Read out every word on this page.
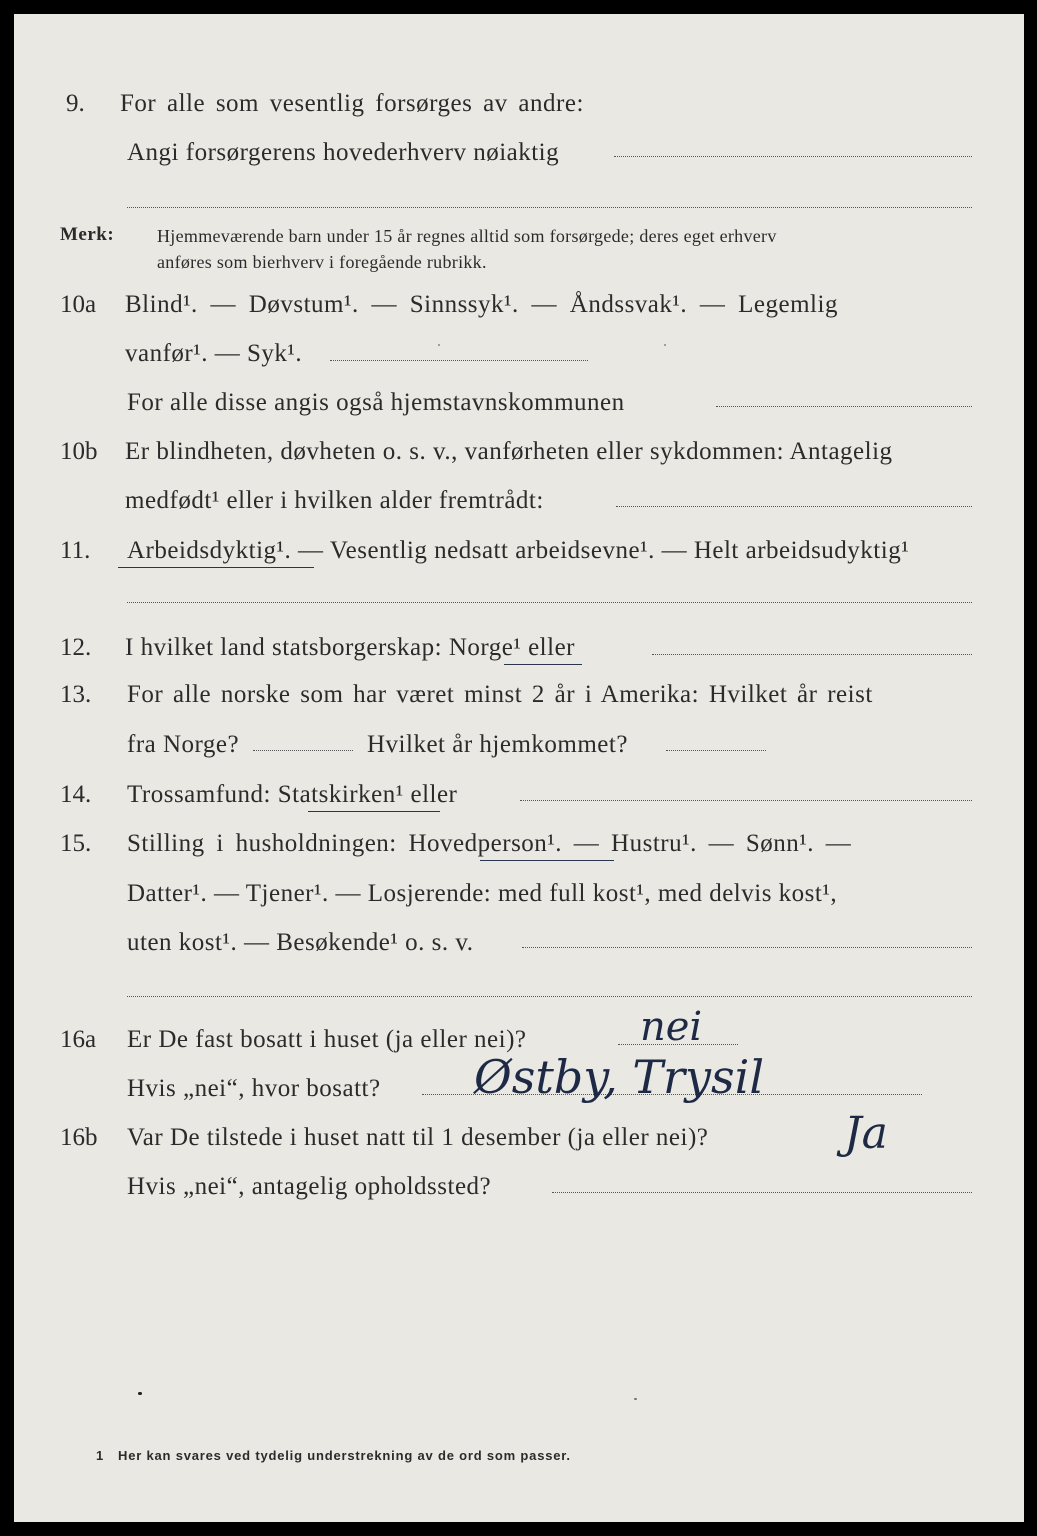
9. For alle som vesentlig forsørges av andre:
Angi forsørgerens hovederhverv nøiaktig
Merk: Hjemmeværende barn under 15 år regnes alltid som forsørgede; deres eget erhverv
anføres som bierhverv i foregående rubrikk.
10a Blind¹. — Døvstum¹. — Sinnssyk¹. — Åndssvak¹. — Legemlig
vanfør¹. — Syk¹.
For alle disse angis også hjemstavnskommunen
10b Er blindheten, døvheten o. s. v., vanførheten eller sykdommen: Antagelig
medfødt¹ eller i hvilken alder fremtrådt:
11. Arbeidsdyktig¹. — Vesentlig nedsatt arbeidsevne¹. — Helt arbeidsudyktig¹
12. I hvilket land statsborgerskap: Norge¹ eller
13. For alle norske som har været minst 2 år i Amerika: Hvilket år reist
fra Norge?	Hvilket år hjemkommet?
14. Trossamfund: Statskirken¹ eller
15. Stilling i husholdningen: Hovedperson¹. — Hustru¹. — Sønn¹. —
Datter¹. — Tjener¹. — Losjerende: med full kost¹, med delvis kost¹,
uten kost¹. — Besøkende¹ o. s. v.
16a Er De fast bosatt i huset (ja eller nei)?	nei
Hvis „nei“, hvor bosatt? Østby, Trysil
16b Var De tilstede i huset natt til 1 desember (ja eller nei)?	Ja
Hvis „nei“, antagelig opholdssted?
1 Her kan svares ved tydelig understrekning av de ord som passer.
